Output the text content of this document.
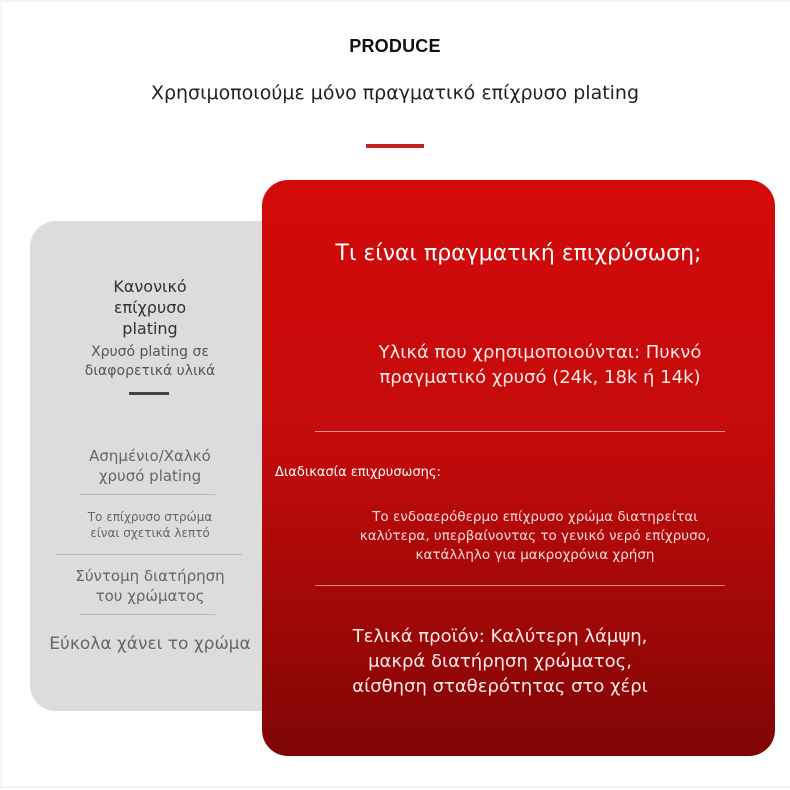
PRODUCE
Χρησιμοποιούμε μόνο πραγματικό επίχρυσο plating
Κανονικό
επίχρυσο
plating
Χρυσό plating σε
διαφορετικά υλικά
Ασημένιο/Χαλκό
χρυσό plating
Το επίχρυσο στρώμα
είναι σχετικά λεπτό
Σύντομη διατήρηση
του χρώματος
Εύκολα χάνει το χρώμα
Τι είναι πραγματική επιχρύσωση;
Υλικά που χρησιμοποιούνται: Πυκνό
πραγματικό χρυσό (24k, 18k ή 14k)
Διαδικασία επιχρυσωσης:
Το ενδοαερόθερμο επίχρυσο χρώμα διατηρείται
καλύτερα, υπερβαίνοντας το γενικό νερό επίχρυσο,
κατάλληλο για μακροχρόνια χρήση
Τελικά προϊόν: Καλύτερη λάμψη,
μακρά διατήρηση χρώματος,
αίσθηση σταθερότητας στο χέρι
